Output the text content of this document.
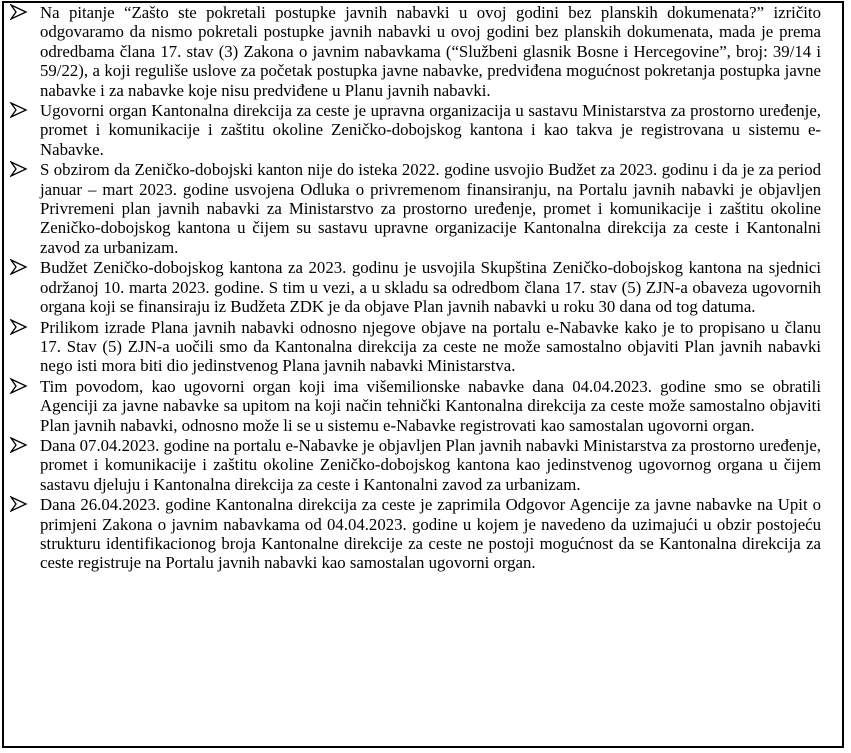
Na pitanje “Zašto ste pokretali postupke javnih nabavki u ovoj godini bez planskih dokumenata?” izričito odgovaramo da nismo pokretali postupke javnih nabavki u ovoj godini bez planskih dokumenata, mada je prema odredbama člana 17. stav (3) Zakona o javnim nabavkama (“Službeni glasnik Bosne i Hercegovine”, broj: 39/14 i 59/22), a koji reguliše uslove za početak postupka javne nabavke, predviđena mogućnost pokretanja postupka javne nabavke i za nabavke koje nisu predviđene u Planu javnih nabavki.
Ugovorni organ Kantonalna direkcija za ceste je upravna organizacija u sastavu Ministarstva za prostorno uređenje, promet i komunikacije i zaštitu okoline Zeničko-dobojskog kantona i kao takva je registrovana u sistemu e-Nabavke.
S obzirom da Zeničko-dobojski kanton nije do isteka 2022. godine usvojio Budžet za 2023. godinu i da je za period januar – mart 2023. godine usvojena Odluka o privremenom finansiranju, na Portalu javnih nabavki je objavljen Privremeni plan javnih nabavki za Ministarstvo za prostorno uređenje, promet i komunikacije i zaštitu okoline Zeničko-dobojskog kantona u čijem su sastavu upravne organizacije Kantonalna direkcija za ceste i Kantonalni zavod za urbanizam.
Budžet Zeničko-dobojskog kantona za 2023. godinu je usvojila Skupština Zeničko-dobojskog kantona na sjednici održanoj 10. marta 2023. godine. S tim u vezi, a u skladu sa odredbom člana 17. stav (5) ZJN-a obaveza ugovornih organa koji se finansiraju iz Budžeta ZDK je da objave Plan javnih nabavki u roku 30 dana od tog datuma.
Prilikom izrade Plana javnih nabavki odnosno njegove objave na portalu e-Nabavke kako je to propisano u članu 17. Stav (5) ZJN-a uočili smo da Kantonalna direkcija za ceste ne može samostalno objaviti Plan javnih nabavki nego isti mora biti dio jedinstvenog Plana javnih nabavki Ministarstva.
Tim povodom, kao ugovorni organ koji ima višemilionske nabavke dana 04.04.2023. godine smo se obratili Agenciji za javne nabavke sa upitom na koji način tehnički Kantonalna direkcija za ceste može samostalno objaviti Plan javnih nabavki, odnosno može li se u sistemu e-Nabavke registrovati kao samostalan ugovorni organ.
Dana 07.04.2023. godine na portalu e-Nabavke je objavljen Plan javnih nabavki Ministarstva za prostorno uređenje, promet i komunikacije i zaštitu okoline Zeničko-dobojskog kantona kao jedinstvenog ugovornog organa u čijem sastavu djeluju i Kantonalna direkcija za ceste i Kantonalni zavod za urbanizam.
Dana 26.04.2023. godine Kantonalna direkcija za ceste je zaprimila Odgovor Agencije za javne nabavke na Upit o primjeni Zakona o javnim nabavkama od 04.04.2023. godine u kojem je navedeno da uzimajući u obzir postojeću strukturu identifikacionog broja Kantonalne direkcije za ceste ne postoji mogućnost da se Kantonalna direkcija za ceste registruje na Portalu javnih nabavki kao samostalan ugovorni organ.
